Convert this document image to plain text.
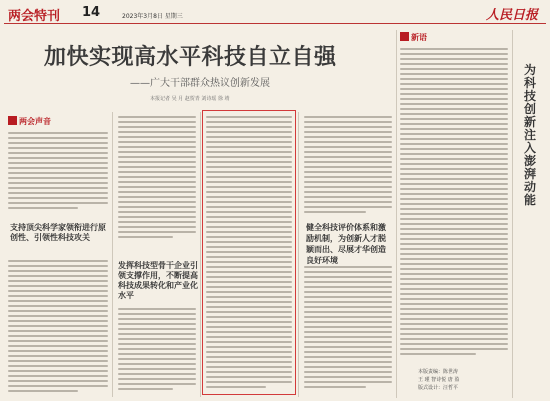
两会特刊 14	2023年3月8日 星期三	人民日报
加快实现高水平科技自立自强
——广大干部群众热议创新发展
本报记者 吴 月 赵贺青 刘诗瑶 徐 靖
两会声音
支持顶尖科学家领衔进行原创性、引领性科技攻关
发挥科技型骨干企业引领支撑作用，不断提高科技成果转化和产业化水平
健全科技评价体系和激励机制，为创新人才脱颖而出、尽展才华创造良好环境
新语
为科技创新注入澎湃动能
本版责编：陈世涛
王 瑾 智诗悦 唐 盈
版式设计：汪哲平
